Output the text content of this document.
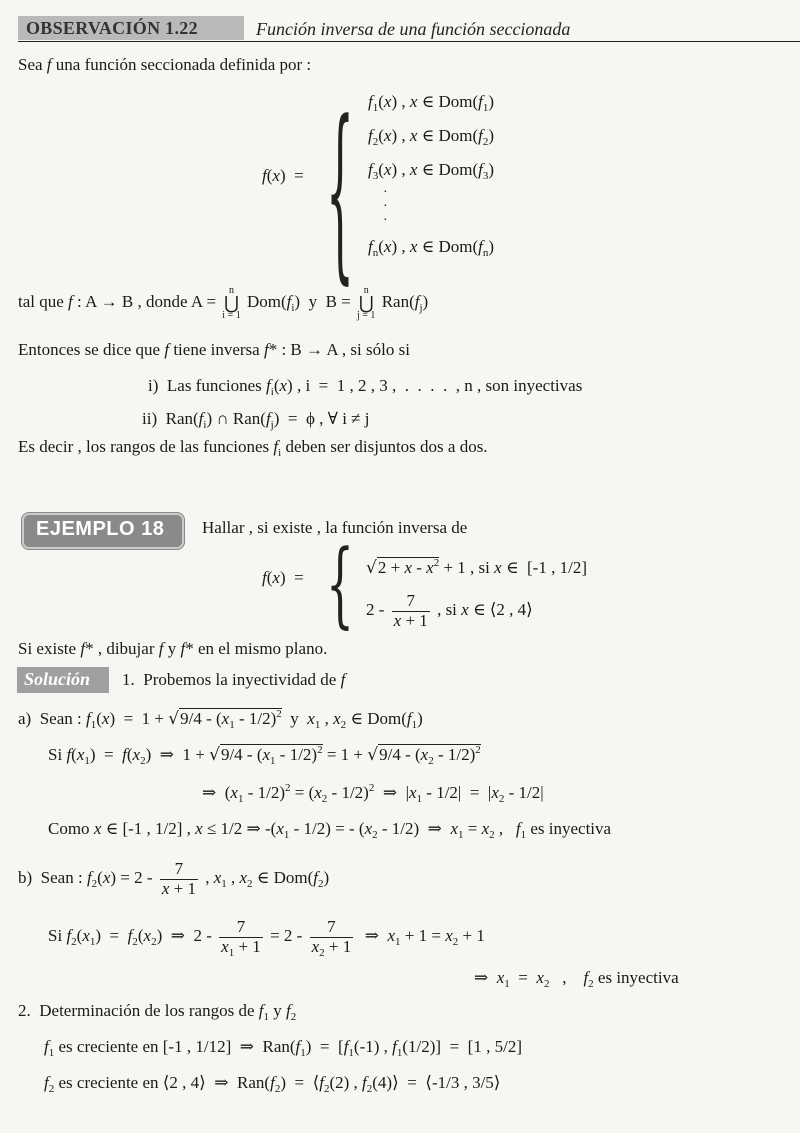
OBSERVACIÓN 1.22	Función inversa de una función seccionada
Sea f una función seccionada definida por :
f(x)  = { $f_1(x)$ , x ∈ $Dom(f_1)$
$f_2(x)$ , x ∈ $Dom(f_2)$
$f_3(x)$ , x ∈ $Dom(f_3)$
·
·
·
$f_n(x)$ , x ∈ $Dom(f_n)$
tal que f : A → B , donde A =
n
⋃
i = 1
$Dom(f_i)$  y  B =
n
⋃
j = 1
$Ran(f_j)$
Entonces se dice que f tiene inversa f* : B → A , si sólo si
i)  Las funciones $f_i(x)$ , i  =  1 , 2 , 3 ,  .  .  .  .  , n , son inyectivas
ii)  $Ran(f_i)$ ∩ $Ran(f_j) = \phi$ , ∀ i ≠ j
Es decir , los rangos de las funciones $f_i$ deben ser disjuntos dos a dos.
EJEMPLO 18 Hallar , si existe , la función inversa de
f(x)  = { $√2 + x - x^2 + 1$ , si x ∈  [-1 , 1/2]
$2 - \frac{7}{x + 1}$ , si x ∈ ⟨2 , 4⟩
Si existe f* , dibujar f y f* en el mismo plano.
Solución 1.  Probemos la inyectividad de f
a)  Sean : $f_1(x) = 1 + √9/4 - (x_1 - 1/2)^2$  y  $x_1$ , $x_2$ ∈ $Dom(f_1)$
Si $f(x_1) = f(x_2)$  ⇒  $1 + √9/4 - (x_1 - 1/2)^2 = 1 + √9/4 - (x_2 - 1/2)^2$
⇒  $(x_1 - 1/2)^2 = (x_2 - 1/2)^2$  ⇒  $|x_1 - 1/2| = |x_2 - 1/2|$
Como x ∈ [-1 , 1/2] , x ≤ 1/2 ⇒ $-(x_1 - 1/2)$ = - $(x_2 - 1/2)$  ⇒  $x_1 = x_2$ ,   $f_1$ es inyectiva
b)  Sean : $f_2(x) = 2 - \frac{7}{x + 1}$ , $x_1$ , $x_2$ ∈ $Dom(f_2)$
Si $f_2(x_1) = f_2(x_2)$  ⇒  $2 - \frac{7}{x_1 + 1} = 2 - \frac{7}{x_2 + 1}$ ⇒  $x_1 + 1 = x_2 + 1$
⇒  $x_1 = x_2$   ,    $f_2$ es inyectiva
2.  Determinación de los rangos de $f_1$ y $f_2$
$f_1$ es creciente en [-1 , 1/12]  ⇒  $Ran(f_1) = [f_1(-1)$ , $f_1(1/2)] = [1$ , 5/2]
$f_2$ es creciente en ⟨2 , 4⟩  ⇒  $Ran(f_2)$  =  $⟨f_2(2)$ , $f_2(4)⟩$  =  ⟨-1/3 , 3/5⟩
